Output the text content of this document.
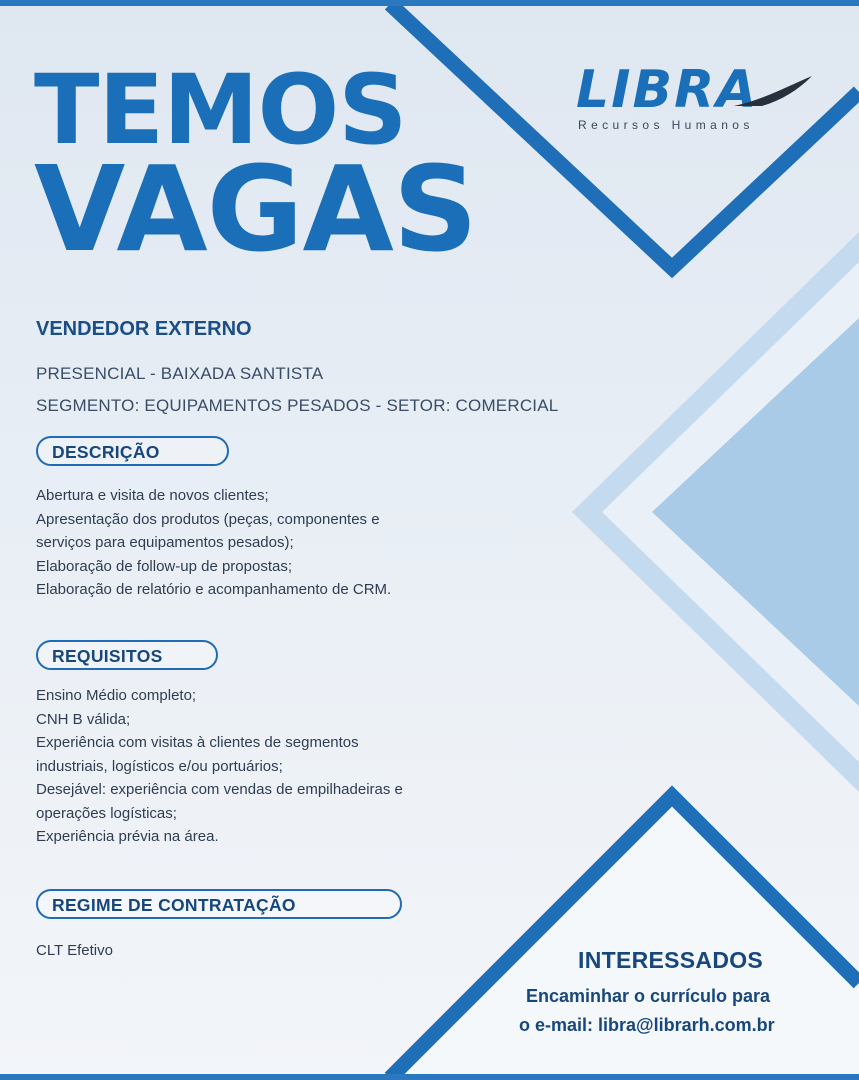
TEMOS
VAGAS
LIBRA
Recursos Humanos
VENDEDOR EXTERNO
PRESENCIAL - BAIXADA SANTISTA
SEGMENTO: EQUIPAMENTOS PESADOS - SETOR: COMERCIAL
DESCRIÇÃO
Abertura e visita de novos clientes;
Apresentação dos produtos (peças, componentes e
serviços para equipamentos pesados);
Elaboração de follow-up de propostas;
Elaboração de relatório e acompanhamento de CRM.
REQUISITOS
Ensino Médio completo;
CNH B válida;
Experiência com visitas à clientes de segmentos
industriais, logísticos e/ou portuários;
Desejável: experiência com vendas de empilhadeiras e
operações logísticas;
Experiência prévia na área.
REGIME DE CONTRATAÇÃO
CLT Efetivo	INTERESSADOS
Encaminhar o currículo para
o e-mail: libra@librarh.com.br
